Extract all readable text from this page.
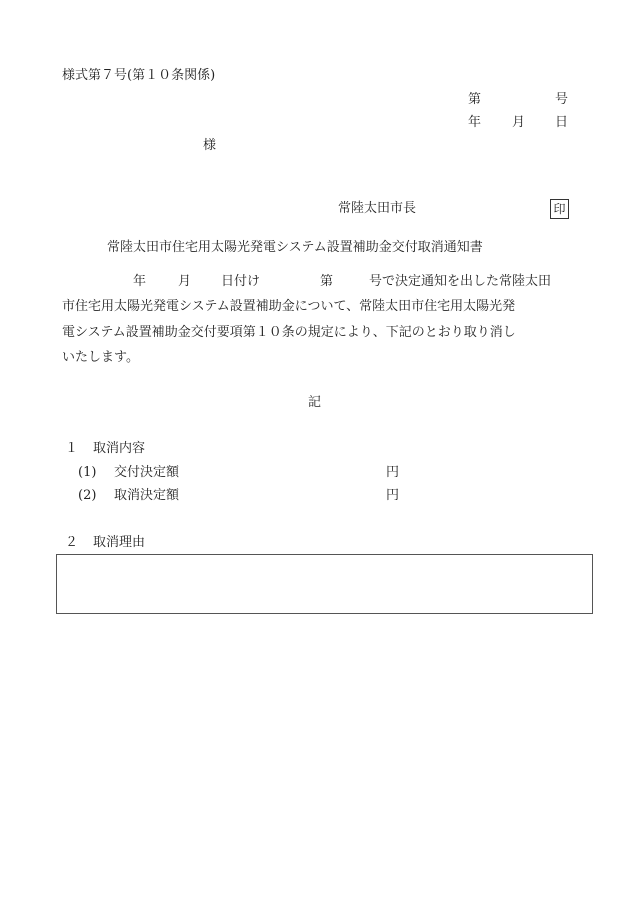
様式第７号(第１０条関係)
第	号
年 月 日
様
常陸太田市長	印
常陸太田市住宅用太陽光発電システム設置補助金交付取消通知書
年 月 日付け	第	号で決定通知を出した常陸太田
市住宅用太陽光発電システム設置補助金について、常陸太田市住宅用太陽光発
電システム設置補助金交付要項第１０条の規定により、下記のとおり取り消し
いたします。
記
１ 取消内容
(1) 交付決定額	円
(2) 取消決定額	円
２ 取消理由
